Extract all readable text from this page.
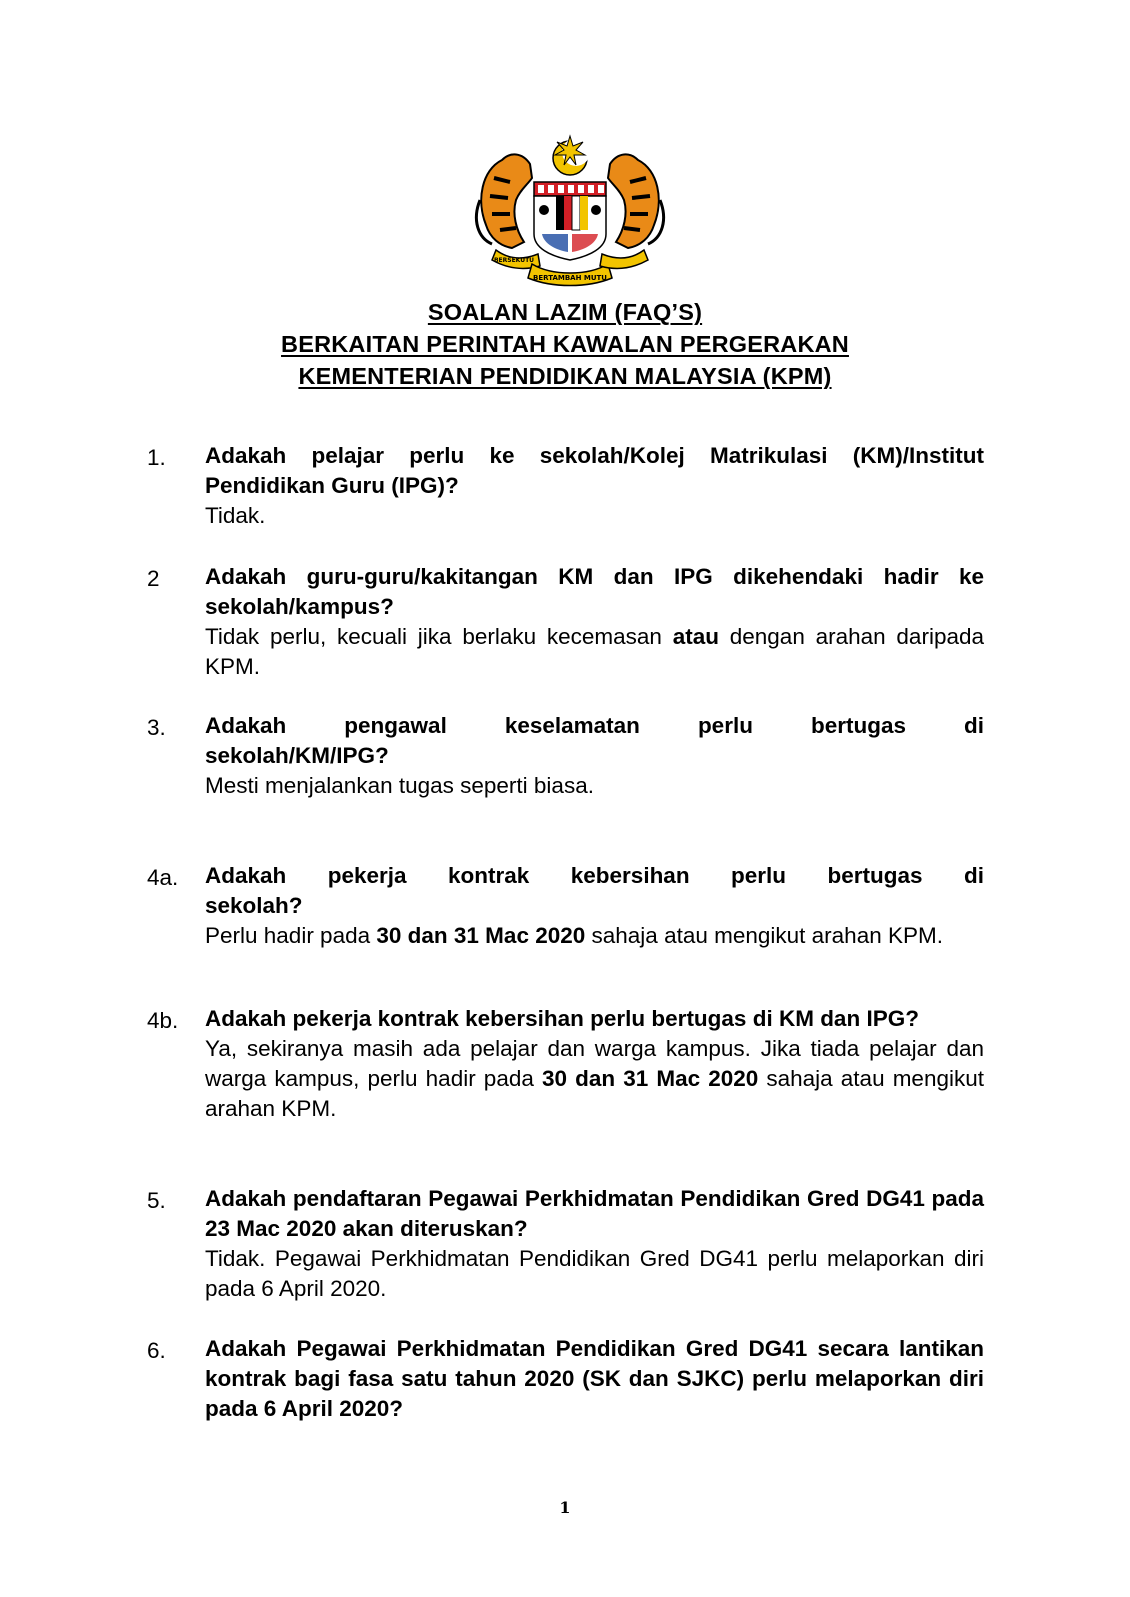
BERTAMBAH MUTU
BERSEKUTU
SOALAN LAZIM (FAQ’S)
BERKAITAN PERINTAH KAWALAN PERGERAKAN
KEMENTERIAN PENDIDIKAN MALAYSIA (KPM)
1. Adakah pelajar perlu ke sekolah/Kolej Matrikulasi (KM)/Institut Pendidikan Guru (IPG)?
Tidak.
2 Adakah guru-guru/kakitangan KM dan IPG dikehendaki hadir ke sekolah/kampus?
Tidak perlu, kecuali jika berlaku kecemasan atau dengan arahan daripada KPM.
3. Adakah pengawal keselamatan perlu bertugas di
sekolah/KM/IPG?
Mesti menjalankan tugas seperti biasa.
4a. Adakah pekerja kontrak kebersihan perlu bertugas di
sekolah?
Perlu hadir pada 30 dan 31 Mac 2020 sahaja atau mengikut arahan KPM.
4b. Adakah pekerja kontrak kebersihan perlu bertugas di KM dan IPG?
Ya, sekiranya masih ada pelajar dan warga kampus. Jika tiada pelajar dan warga kampus, perlu hadir pada 30 dan 31 Mac 2020 sahaja atau mengikut arahan KPM.
5. Adakah pendaftaran Pegawai Perkhidmatan Pendidikan Gred DG41 pada 23 Mac 2020 akan diteruskan?
Tidak. Pegawai Perkhidmatan Pendidikan Gred DG41 perlu melaporkan diri pada 6 April 2020.
6. Adakah Pegawai Perkhidmatan Pendidikan Gred DG41 secara lantikan kontrak bagi fasa satu tahun 2020 (SK dan SJKC) perlu melaporkan diri pada 6 April 2020?
1
